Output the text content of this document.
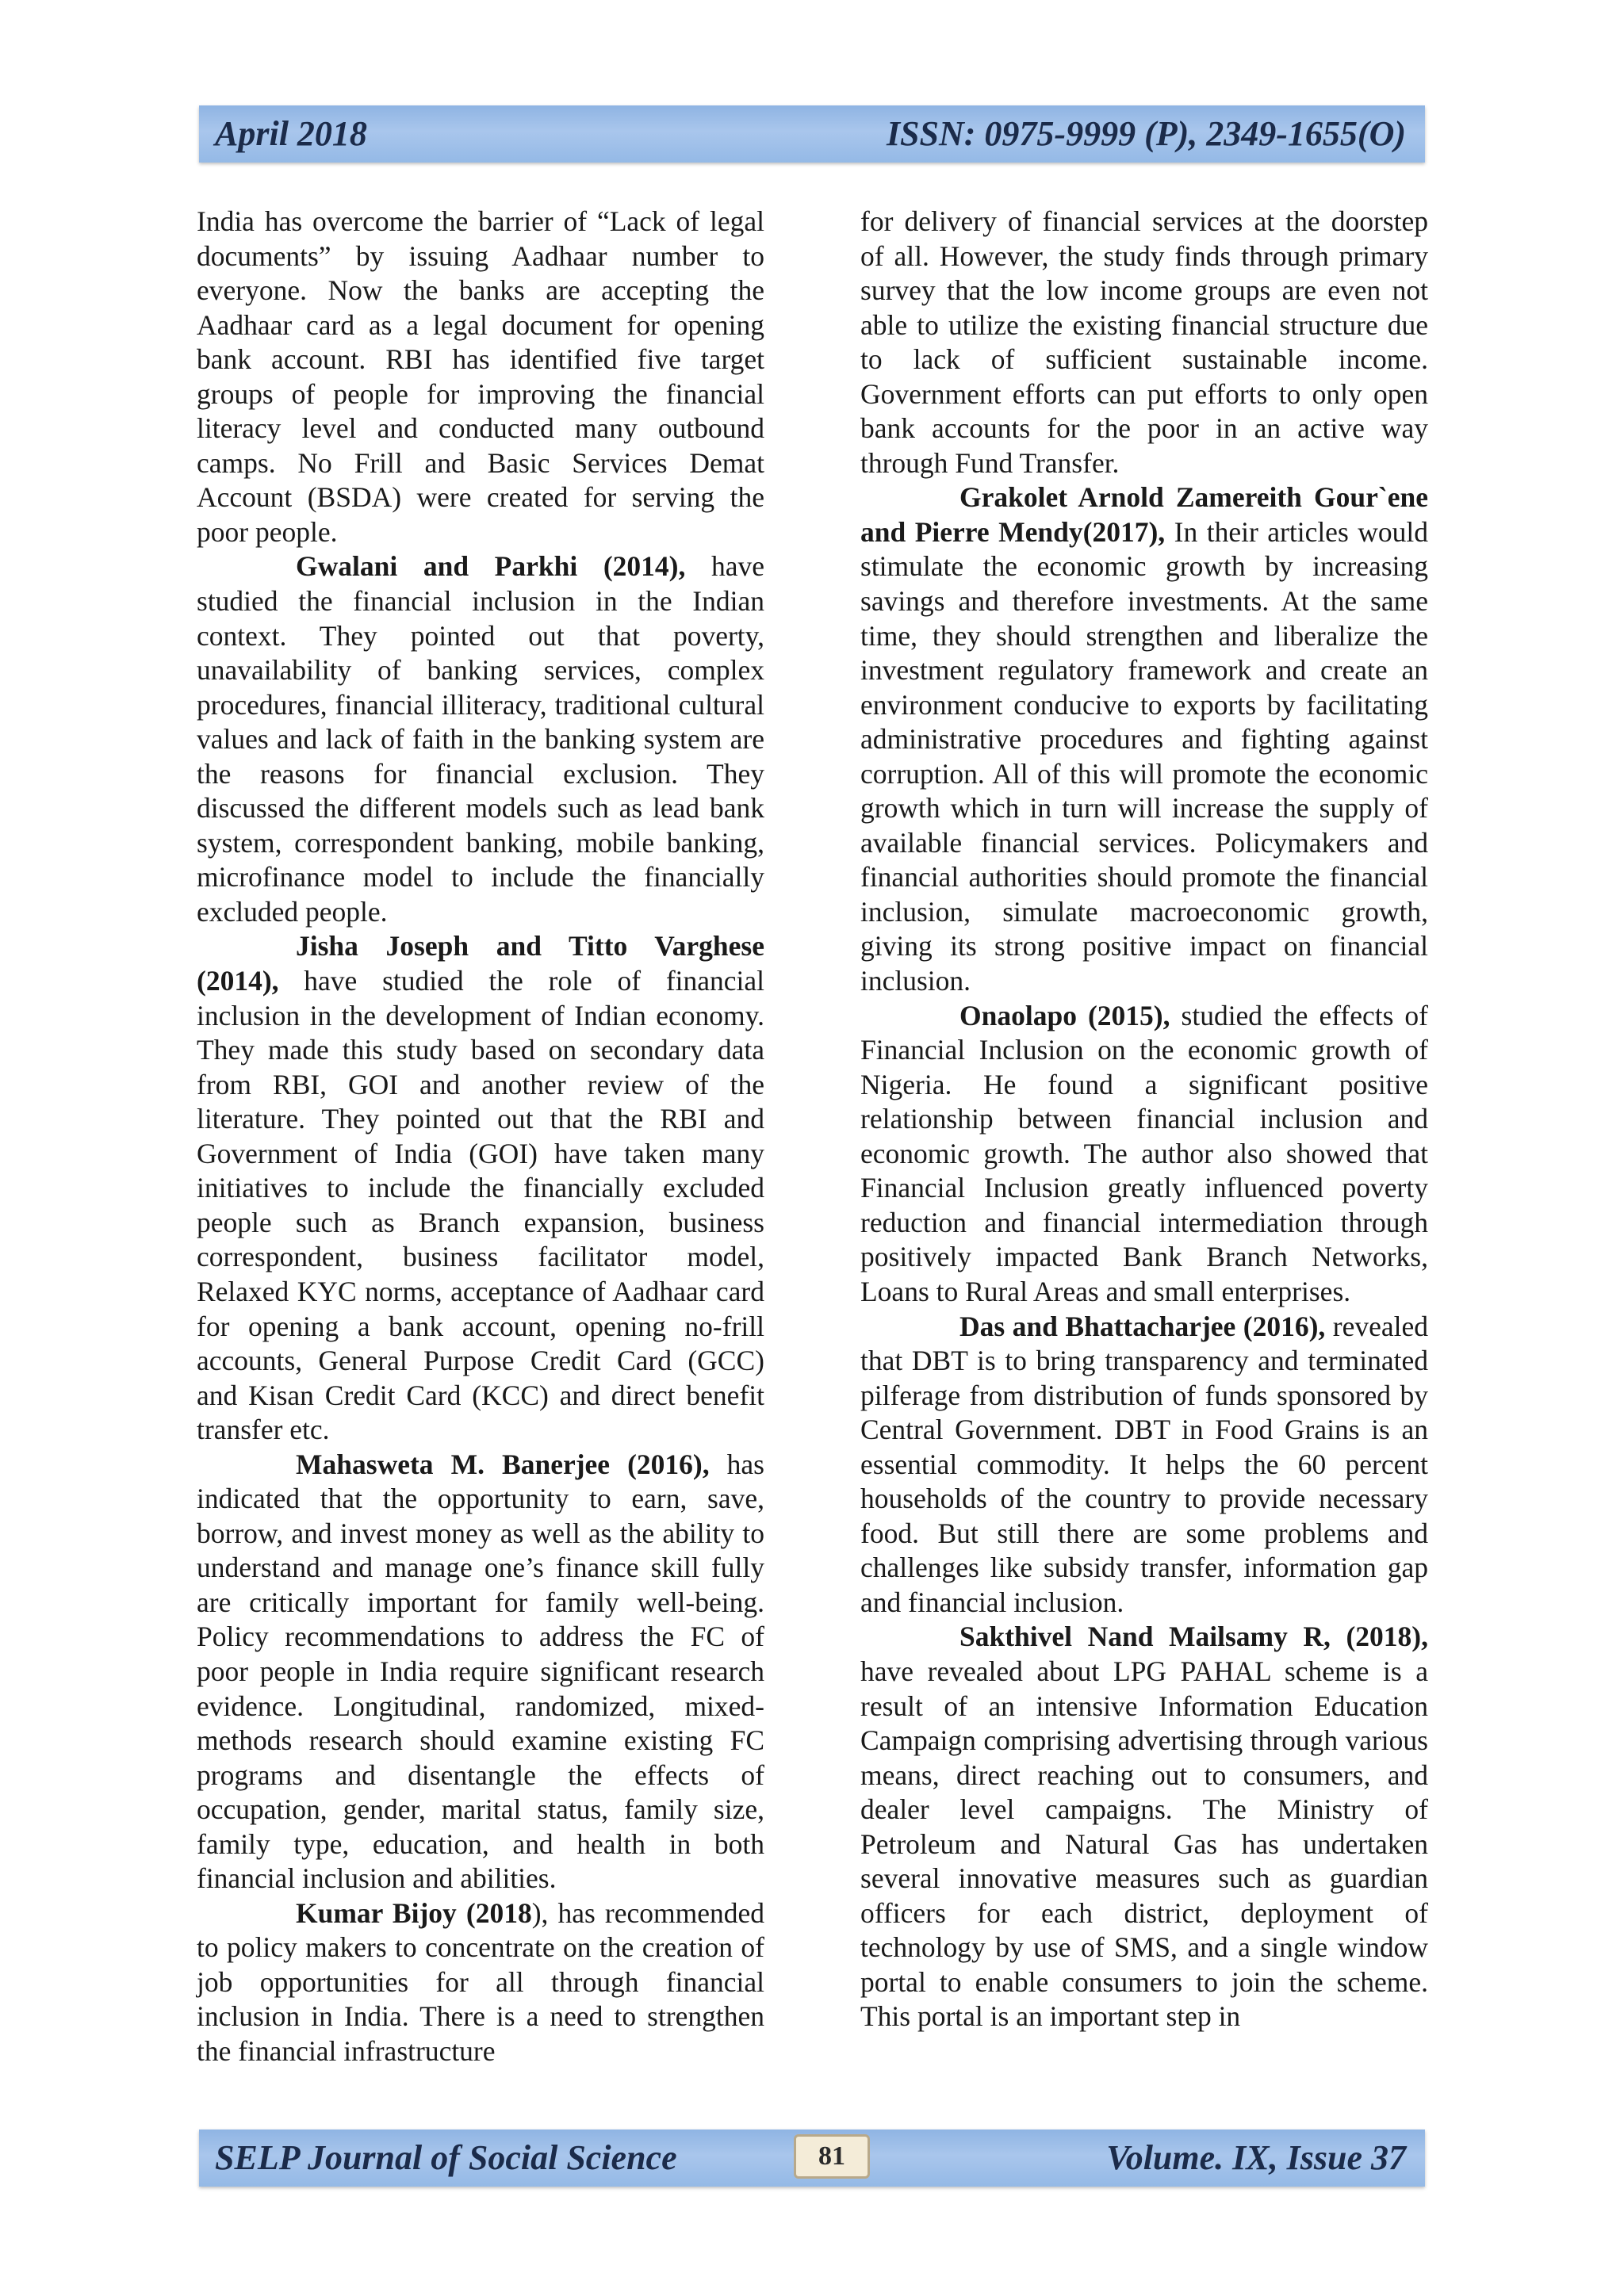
April 2018	ISSN: 0975-9999 (P), 2349-1655(O)

India has overcome the barrier of “Lack of legal documents” by issuing Aadhaar number to everyone. Now the banks are accepting the Aadhaar card as a legal document for opening bank account. RBI has identified five target groups of people for improving the financial literacy level and conducted many outbound camps. No Frill and Basic Services Demat Account (BSDA) were created for serving the poor people.

Gwalani and Parkhi (2014), have studied the financial inclusion in the Indian context. They pointed out that poverty, unavailability of banking services, complex procedures, financial illiteracy, traditional cultural values and lack of faith in the banking system are the reasons for financial exclusion. They discussed the different models such as lead bank system, correspondent banking, mobile banking, microfinance model to include the financially excluded people.

Jisha Joseph and Titto Varghese (2014), have studied the role of financial inclusion in the development of Indian economy. They made this study based on secondary data from RBI, GOI and another review of the literature. They pointed out that the RBI and Government of India (GOI) have taken many initiatives to include the financially excluded people such as Branch expansion, business correspondent, business facilitator model, Relaxed KYC norms, acceptance of Aadhaar card for opening a bank account, opening no-frill accounts, General Purpose Credit Card (GCC) and Kisan Credit Card (KCC) and direct benefit transfer etc.

Mahasweta M. Banerjee (2016), has indicated that the opportunity to earn, save, borrow, and invest money as well as the ability to understand and manage one’s finance skill fully are critically important for family well-being. Policy recommendations to address the FC of poor people in India require significant research evidence. Longitudinal, randomized, mixed-methods research should examine existing FC programs and disentangle the effects of occupation, gender, marital status, family size, family type, education, and health in both financial inclusion and abilities.

Kumar Bijoy (2018), has recommended to policy makers to concentrate on the creation of job opportunities for all through financial inclusion in India. There is a need to strengthen the financial infrastructure

for delivery of financial services at the doorstep of all. However, the study finds through primary survey that the low income groups are even not able to utilize the existing financial structure due to lack of sufficient sustainable income. Government efforts can put efforts to only open bank accounts for the poor in an active way through Fund Transfer.

Grakolet Arnold Zamereith Gour`ene and Pierre Mendy(2017), In their articles would stimulate the economic growth by increasing savings and therefore investments. At the same time, they should strengthen and liberalize the investment regulatory framework and create an environment conducive to exports by facilitating administrative procedures and fighting against corruption. All of this will promote the economic growth which in turn will increase the supply of available financial services. Policymakers and financial authorities should promote the financial inclusion, simulate macroeconomic growth, giving its strong positive impact on financial inclusion.

Onaolapo (2015), studied the effects of Financial Inclusion on the economic growth of Nigeria. He found a significant positive relationship between financial inclusion and economic growth. The author also showed that Financial Inclusion greatly influenced poverty reduction and financial intermediation through positively impacted Bank Branch Networks, Loans to Rural Areas and small enterprises.

Das and Bhattacharjee (2016), revealed that DBT is to bring transparency and terminated pilferage from distribution of funds sponsored by Central Government. DBT in Food Grains is an essential commodity. It helps the 60 percent households of the country to provide necessary food. But still there are some problems and challenges like subsidy transfer, information gap and financial inclusion.

Sakthivel Nand Mailsamy R, (2018), have revealed about LPG PAHAL scheme is a result of an intensive Information Education Campaign comprising advertising through various means, direct reaching out to consumers, and dealer level campaigns. The Ministry of Petroleum and Natural Gas has undertaken several innovative measures such as guardian officers for each district, deployment of technology by use of SMS, and a single window portal to enable consumers to join the scheme. This portal is an important step in

SELP Journal of Social Science	81	Volume. IX, Issue 37
